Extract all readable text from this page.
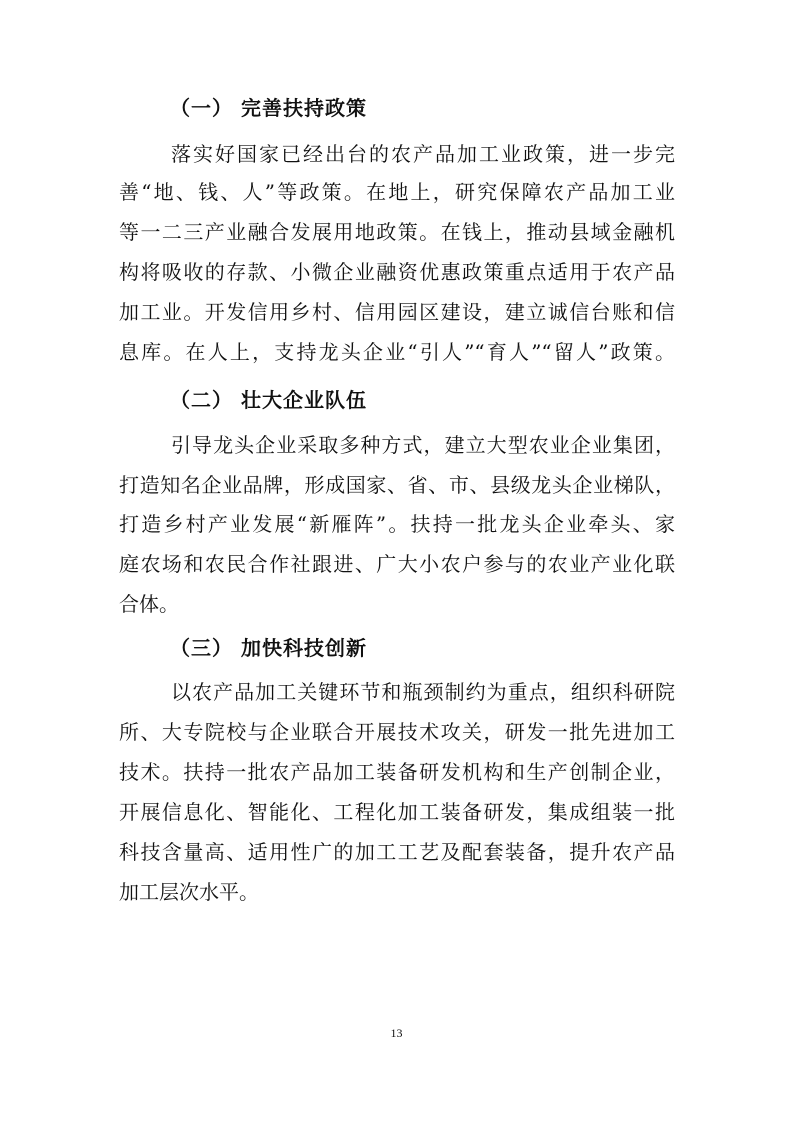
（一） 完善扶持政策
落实好国家已经出台的农产品加工业政策，进一步完
善“地、钱、人”等政策。在地上，研究保障农产品加工业
等一二三产业融合发展用地政策。在钱上，推动县域金融机
构将吸收的存款、小微企业融资优惠政策重点适用于农产品
加工业。开发信用乡村、信用园区建设，建立诚信台账和信
息库。在人上，支持龙头企业“引人”“育人”“留人”政策。
（二） 壮大企业队伍
引导龙头企业采取多种方式，建立大型农业企业集团，
打造知名企业品牌，形成国家、省、市、县级龙头企业梯队，
打造乡村产业发展“新雁阵”。扶持一批龙头企业牵头、家
庭农场和农民合作社跟进、广大小农户参与的农业产业化联
合体。
（三） 加快科技创新
以农产品加工关键环节和瓶颈制约为重点，组织科研院
所、大专院校与企业联合开展技术攻关，研发一批先进加工
技术。扶持一批农产品加工装备研发机构和生产创制企业，
开展信息化、智能化、工程化加工装备研发，集成组装一批
科技含量高、适用性广的加工工艺及配套装备，提升农产品
加工层次水平。
13
